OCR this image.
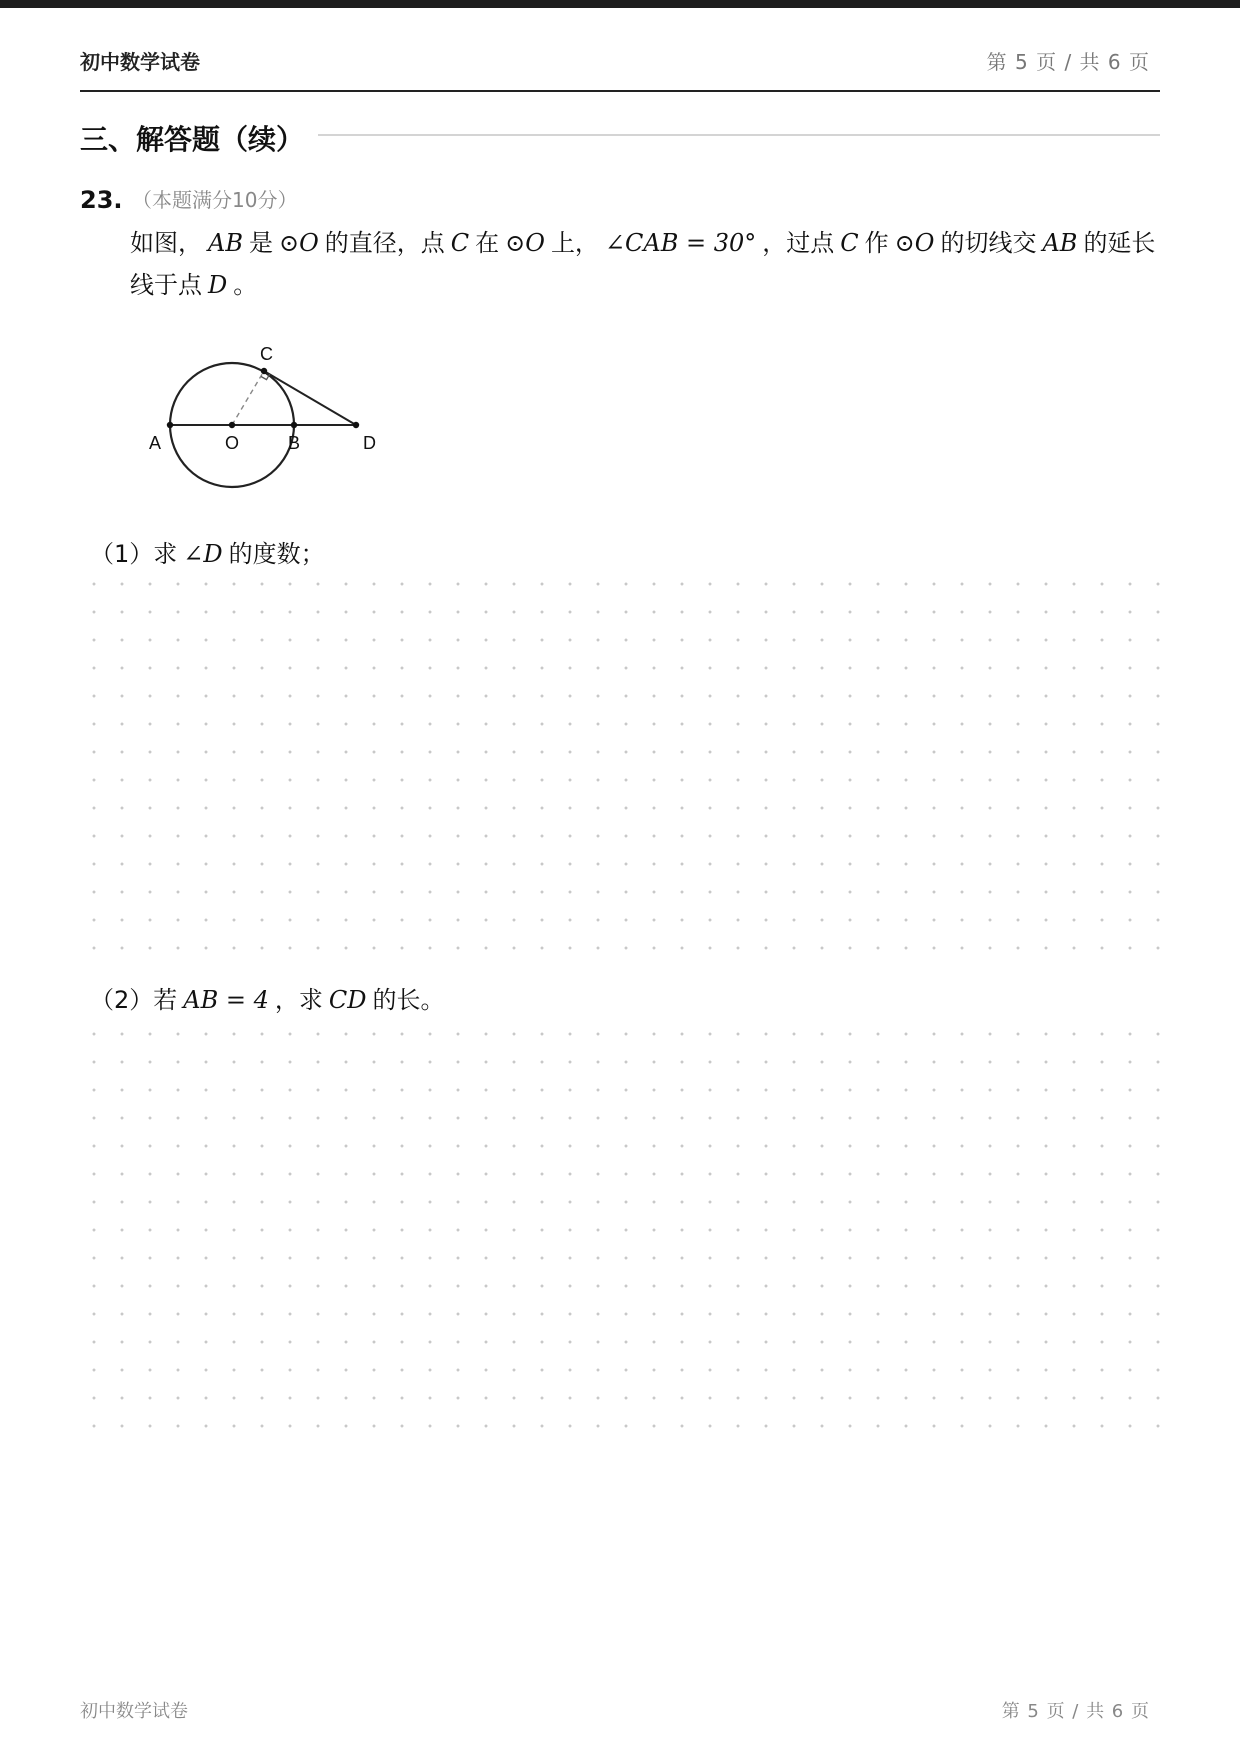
初中数学试卷	第 5 页 / 共 6 页
三、解答题（续）
23. （本题满分10分）
如图， AB 是 ⊙O 的直径，点 C 在 ⊙O 上， ∠CAB = 30° ，过点 C 作 ⊙O 的切线交 AB 的延长线于点 D 。
A	O	B
C
D
（1）求 ∠D 的度数；
（2）若 AB = 4 ，求 CD 的长。
初中数学试卷	第 5 页 / 共 6 页
